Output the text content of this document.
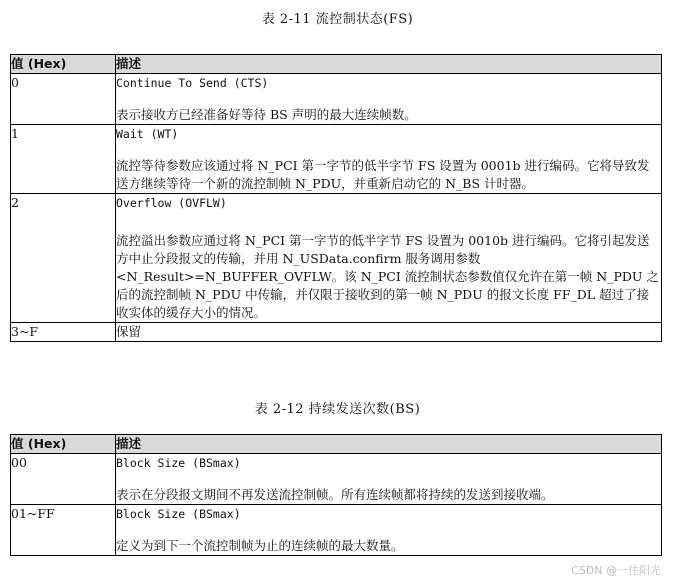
表 2-11 流控制状态(FS)
值 (Hex)	描述
0	Continue To Send (CTS)
表示接收方已经准备好等待 BS 声明的最大连续帧数。

1	Wait (WT)
流控等待参数应该通过将 N_PCI 第一字节的低半字节 FS 设置为 0001b 进行编码。它将导致发送方继续等待一个新的流控制帧 N_PDU，并重新启动它的 N_BS 计时器。

2	Overflow (OVFLW)
流控溢出参数应通过将 N_PCI 第一字节的低半字节 FS 设置为 0010b 进行编码。它将引起发送方中止分段报文的传输，并用 N_USData.confirm 服务调用参数<N_Result>=N_BUFFER_OVFLW。该 N_PCI 流控制状态参数值仅允许在第一帧 N_PDU 之后的流控制帧 N_PDU 中传输，并仅限于接收到的第一帧 N_PDU 的报文长度 FF_DL 超过了接收实体的缓存大小的情况。

3~F	保留
表 2-12 持续发送次数(BS)
值 (Hex)	描述
00	Block Size (BSmax)
表示在分段报文期间不再发送流控制帧。所有连续帧都将持续的发送到接收端。

01~FF	Block Size (BSmax)
定义为到下一个流控制帧为止的连续帧的最大数量。
CSDN @一往阳光
